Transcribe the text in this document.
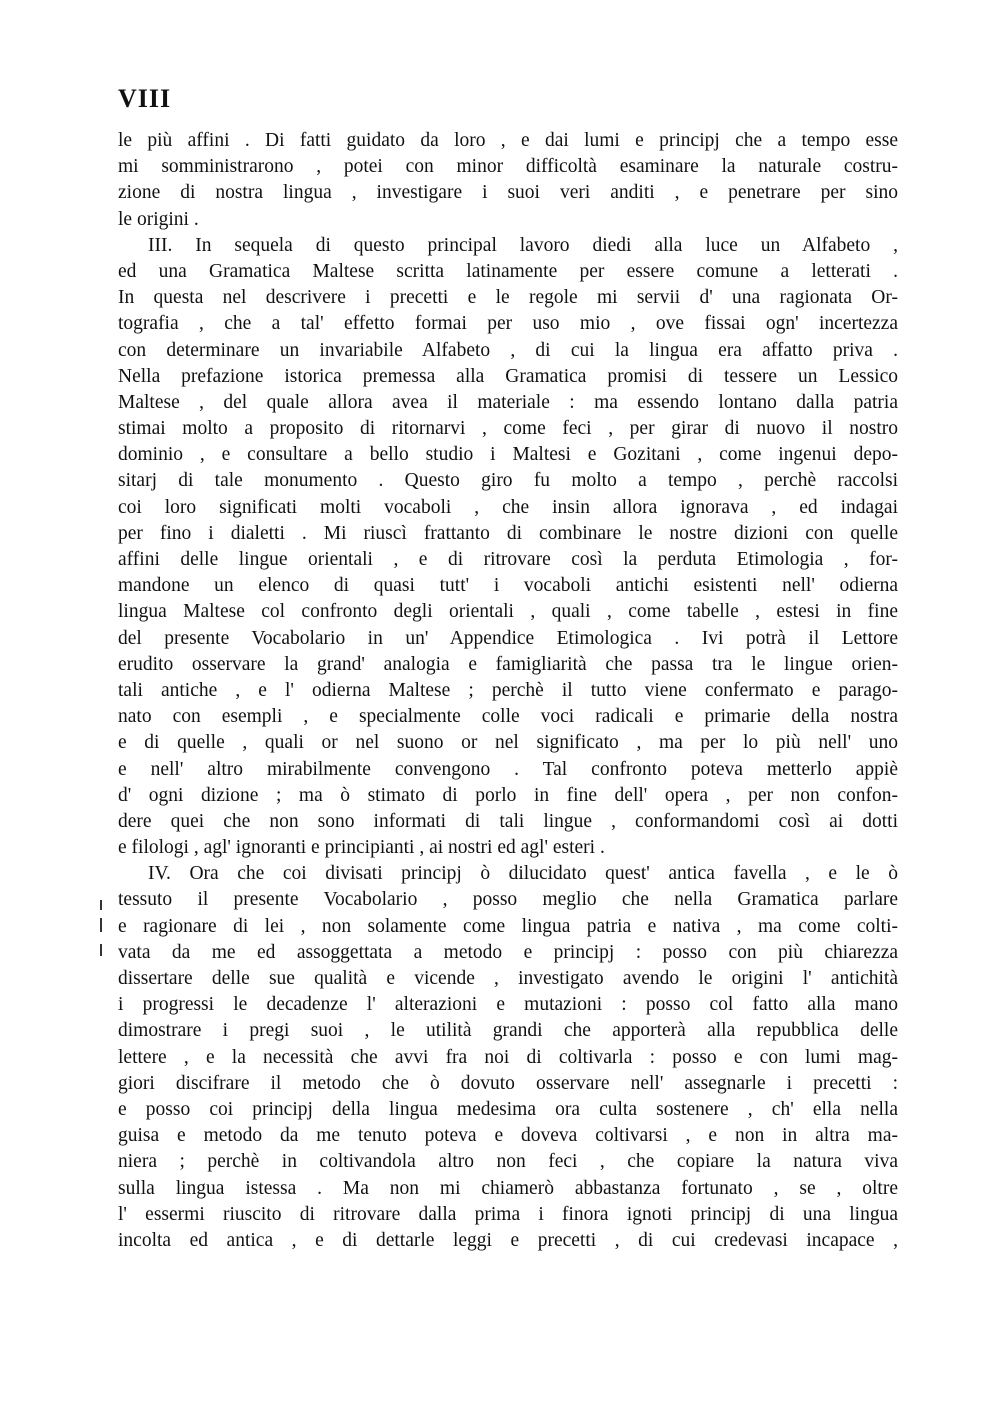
VIII
le più affini . Di fatti guidato da loro , e dai lumi e principj che a tempo esse
mi somministrarono , potei con minor difficoltà esaminare la naturale costru-
zione di nostra lingua , investigare i suoi veri anditi , e penetrare per sino
le origini .
III. In sequela di questo principal lavoro diedi alla luce un Alfabeto ,
ed una Gramatica Maltese scritta latinamente per essere comune a letterati .
In questa nel descrivere i precetti e le regole mi servii d' una ragionata Or-
tografia , che a tal' effetto formai per uso mio , ove fissai ogn' incertezza
con determinare un invariabile Alfabeto , di cui la lingua era affatto priva .
Nella prefazione istorica premessa alla Gramatica promisi di tessere un Lessico
Maltese , del quale allora avea il materiale : ma essendo lontano dalla patria
stimai molto a proposito di ritornarvi , come feci , per girar di nuovo il nostro
dominio , e consultare a bello studio i Maltesi e Gozitani , come ingenui depo-
sitarj di tale monumento . Questo giro fu molto a tempo , perchè raccolsi
coi loro significati molti vocaboli , che insin allora ignorava , ed indagai
per fino i dialetti . Mi riuscì frattanto di combinare le nostre dizioni con quelle
affini delle lingue orientali , e di ritrovare così la perduta Etimologia , for-
mandone un elenco di quasi tutt' i vocaboli antichi esistenti nell' odierna
lingua Maltese col confronto degli orientali , quali , come tabelle , estesi in fine
del presente Vocabolario in un' Appendice Etimologica . Ivi potrà il Lettore
erudito osservare la grand' analogia e famigliarità che passa tra le lingue orien-
tali antiche , e l' odierna Maltese ; perchè il tutto viene confermato e parago-
nato con esempli , e specialmente colle voci radicali e primarie della nostra
e di quelle , quali or nel suono or nel significato , ma per lo più nell' uno
e nell' altro mirabilmente convengono . Tal confronto poteva metterlo appiè
d' ogni dizione ; ma ò stimato di porlo in fine dell' opera , per non confon-
dere quei che non sono informati di tali lingue , conformandomi così ai dotti
e filologi , agl' ignoranti e principianti , ai nostri ed agl' esteri .
IV. Ora che coi divisati principj ò dilucidato quest' antica favella , e le ò
tessuto il presente Vocabolario , posso meglio che nella Gramatica parlare
e ragionare di lei , non solamente come lingua patria e nativa , ma come colti-
vata da me ed assoggettata a metodo e principj : posso con più chiarezza
dissertare delle sue qualità e vicende , investigato avendo le origini l' antichità
i progressi le decadenze l' alterazioni e mutazioni : posso col fatto alla mano
dimostrare i pregi suoi , le utilità grandi che apporterà alla repubblica delle
lettere , e la necessità che avvi fra noi di coltivarla : posso e con lumi mag-
giori discifrare il metodo che ò dovuto osservare nell' assegnarle i precetti :
e posso coi principj della lingua medesima ora culta sostenere , ch' ella nella
guisa e metodo da me tenuto poteva e doveva coltivarsi , e non in altra ma-
niera ; perchè in coltivandola altro non feci , che copiare la natura viva
sulla lingua istessa . Ma non mi chiamerò abbastanza fortunato , se , oltre
l' essermi riuscito di ritrovare dalla prima i finora ignoti principj di una lingua
incolta ed antica , e di dettarle leggi e precetti , di cui credevasi incapace ,
